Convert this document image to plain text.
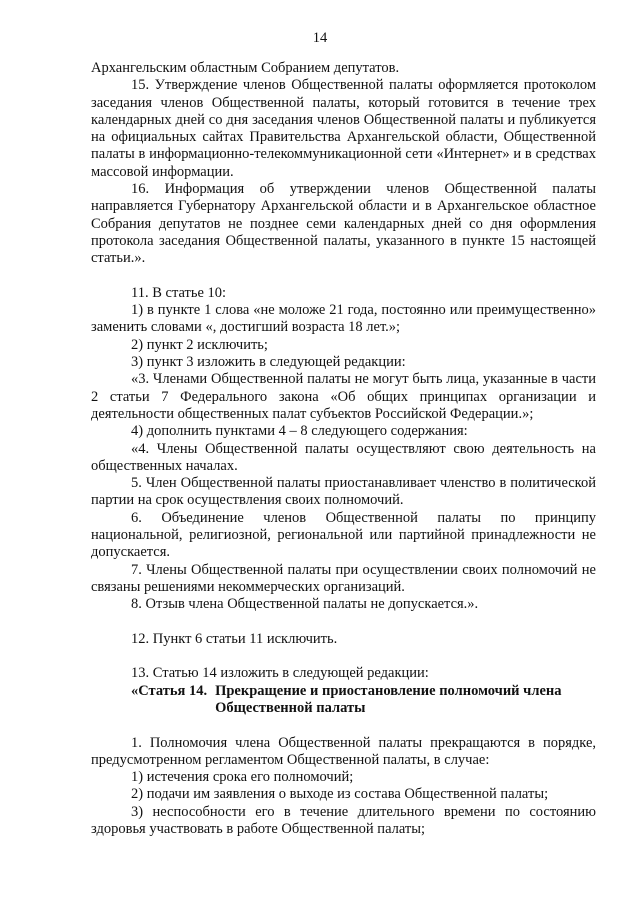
14

Архангельским областным Собранием депутатов.

15. Утверждение членов Общественной палаты оформляется протоколом заседания членов Общественной палаты, который готовится в течение трех календарных дней со дня заседания членов Общественной палаты и публикуется на официальных сайтах Правительства Архангельской области, Общественной палаты в информационно-телекоммуникационной сети «Интернет» и в средствах массовой информации.

16. Информация об утверждении членов Общественной палаты направляется Губернатору Архангельской области и в Архангельское областное Собрания депутатов не позднее семи календарных дней со дня оформления протокола заседания Общественной палаты, указанного в пункте 15 настоящей статьи.».

11. В статье 10:

1) в пункте 1 слова «не моложе 21 года, постоянно или преимущественно» заменить словами «, достигший возраста 18 лет.»;

2) пункт 2 исключить;

3) пункт 3 изложить в следующей редакции:

«3. Членами Общественной палаты не могут быть лица, указанные в части 2 статьи 7 Федерального закона «Об общих принципах организации и деятельности общественных палат субъектов Российской Федерации.»;

4) дополнить пунктами 4 – 8 следующего содержания:

«4. Члены Общественной палаты осуществляют свою деятельность на общественных началах.

5. Член Общественной палаты приостанавливает членство в политической партии на срок осуществления своих полномочий.

6. Объединение членов Общественной палаты по принципу национальной, религиозной, региональной или партийной принадлежности не допускается.

7. Члены Общественной палаты при осуществлении своих полномочий не связаны решениями некоммерческих организаций.

8. Отзыв члена Общественной палаты не допускается.».

12. Пункт 6 статьи 11 исключить.

13. Статью 14 изложить в следующей редакции:

«Статья 14. Прекращение и приостановление полномочий члена Общественной палаты

1. Полномочия члена Общественной палаты прекращаются в порядке, предусмотренном регламентом Общественной палаты, в случае:

1) истечения срока его полномочий;

2) подачи им заявления о выходе из состава Общественной палаты;

3) неспособности его в течение длительного времени по состоянию здоровья участвовать в работе Общественной палаты;
